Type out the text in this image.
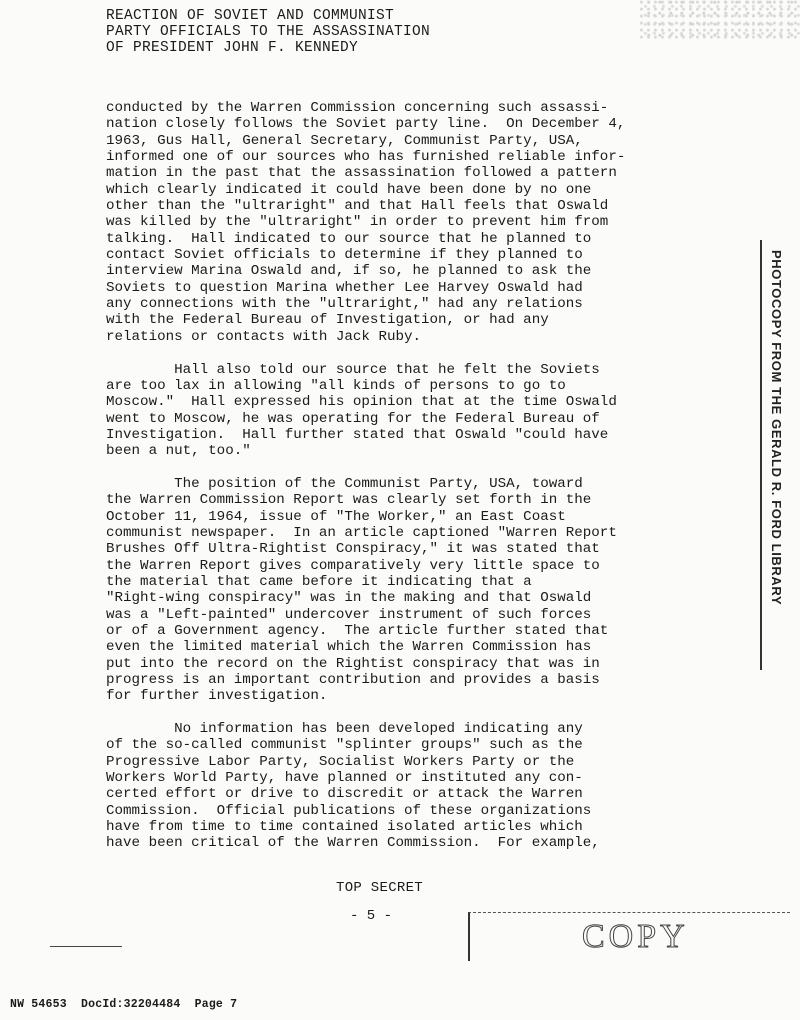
REACTION OF SOVIET AND COMMUNIST
PARTY OFFICIALS TO THE ASSASSINATION
OF PRESIDENT JOHN F. KENNEDY

conducted by the Warren Commission concerning such assassi-
nation closely follows the Soviet party line.  On December 4,
1963, Gus Hall, General Secretary, Communist Party, USA,
informed one of our sources who has furnished reliable infor-
mation in the past that the assassination followed a pattern
which clearly indicated it could have been done by no one
other than the "ultraright" and that Hall feels that Oswald
was killed by the "ultraright" in order to prevent him from
talking.  Hall indicated to our source that he planned to
contact Soviet officials to determine if they planned to
interview Marina Oswald and, if so, he planned to ask the
Soviets to question Marina whether Lee Harvey Oswald had
any connections with the "ultraright," had any relations
with the Federal Bureau of Investigation, or had any
relations or contacts with Jack Ruby.

Hall also told our source that he felt the Soviets
are too lax in allowing "all kinds of persons to go to
Moscow."  Hall expressed his opinion that at the time Oswald
went to Moscow, he was operating for the Federal Bureau of
Investigation.  Hall further stated that Oswald "could have
been a nut, too."

The position of the Communist Party, USA, toward
the Warren Commission Report was clearly set forth in the
October 11, 1964, issue of "The Worker," an East Coast
communist newspaper.  In an article captioned "Warren Report
Brushes Off Ultra-Rightist Conspiracy," it was stated that
the Warren Report gives comparatively very little space to
the material that came before it indicating that a
"Right-wing conspiracy" was in the making and that Oswald
was a "Left-painted" undercover instrument of such forces
or of a Government agency.  The article further stated that
even the limited material which the Warren Commission has
put into the record on the Rightist conspiracy that was in
progress is an important contribution and provides a basis
for further investigation.

No information has been developed indicating any
of the so-called communist "splinter groups" such as the
Progressive Labor Party, Socialist Workers Party or the
Workers World Party, have planned or instituted any con-
certed effort or drive to discredit or attack the Warren
Commission.  Official publications of these organizations
have from time to time contained isolated articles which
have been critical of the Warren Commission.  For example,

PHOTOCOPY FROM THE GERALD R. FORD LIBRARY
TOP SECRET
- 5 -
COPY
NW 54653  DocId:32204484  Page 7
